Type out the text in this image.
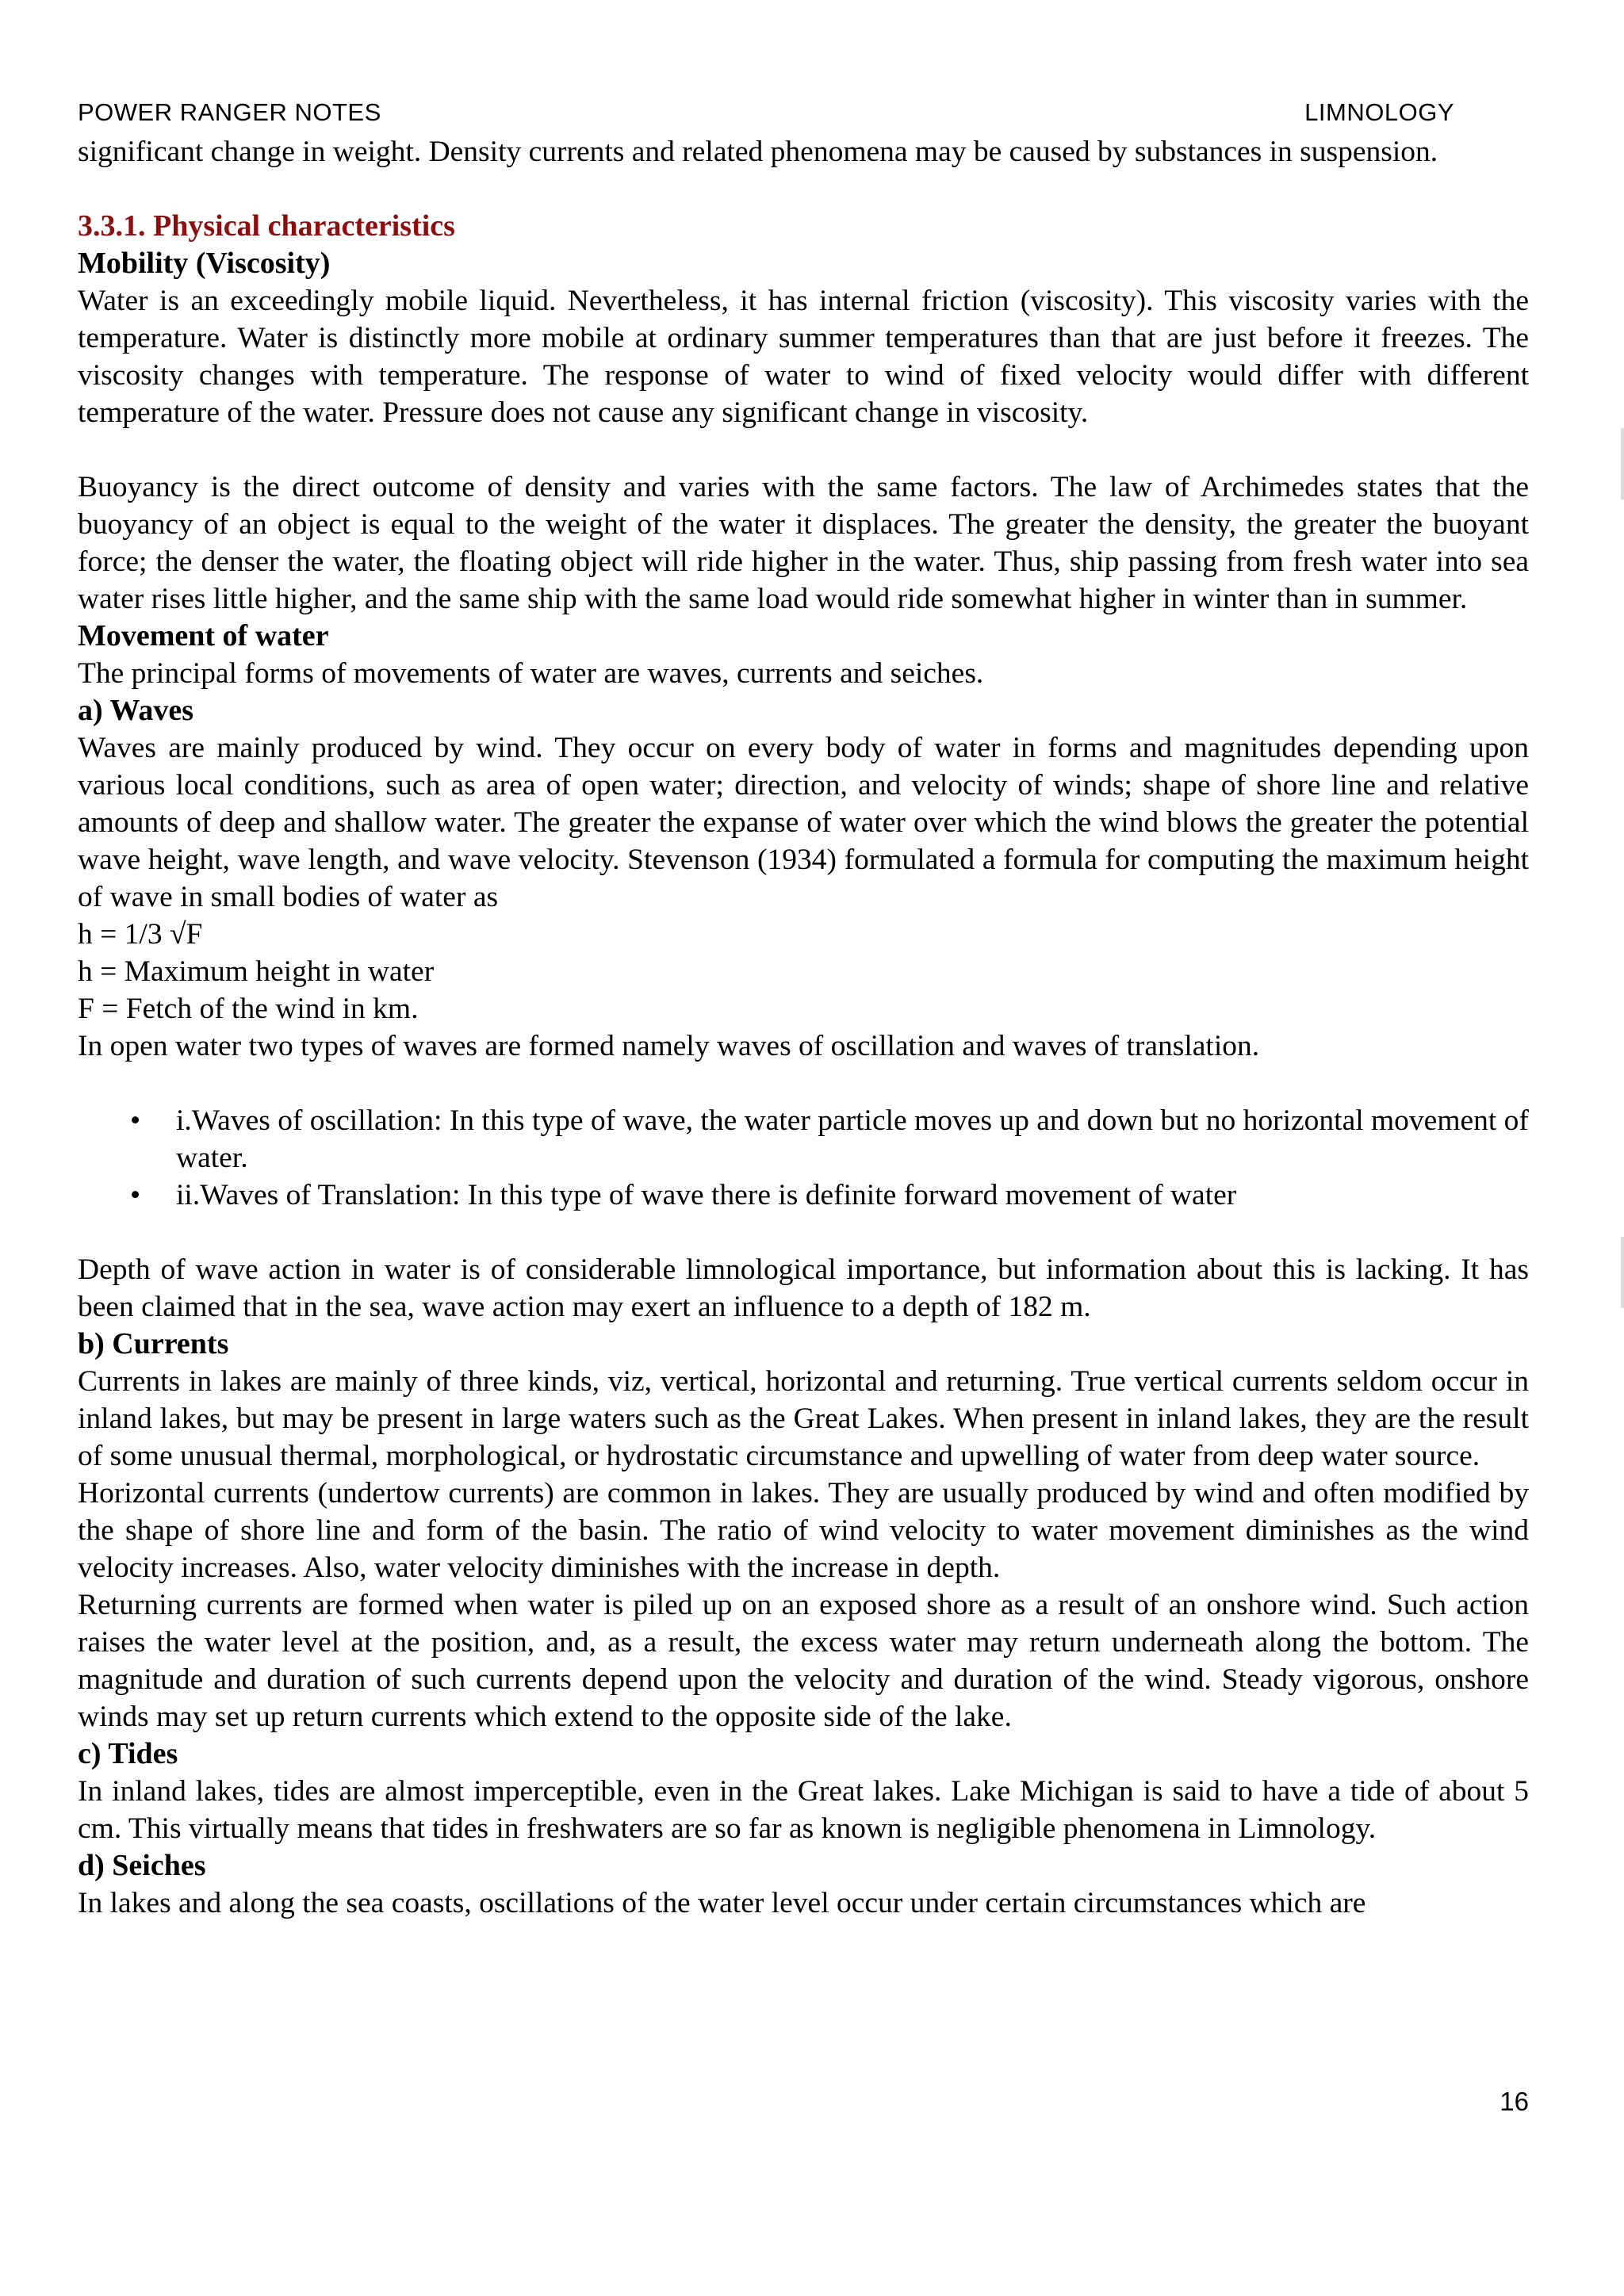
POWER RANGER NOTES	LIMNOLOGY

significant change in weight. Density currents and related phenomena may be caused by substances in suspension.

3.3.1. Physical characteristics
Mobility (Viscosity)

Water is an exceedingly mobile liquid. Nevertheless, it has internal friction (viscosity). This viscosity varies with the temperature. Water is distinctly more mobile at ordinary summer temperatures than that are just before it freezes. The viscosity changes with temperature. The response of water to wind of fixed velocity would differ with different temperature of the water. Pressure does not cause any significant change in viscosity.

Buoyancy is the direct outcome of density and varies with the same factors. The law of Archimedes states that the buoyancy of an object is equal to the weight of the water it displaces. The greater the density, the greater the buoyant force; the denser the water, the floating object will ride higher in the water. Thus, ship passing from fresh water into sea water rises little higher, and the same ship with the same load would ride somewhat higher in winter than in summer.

Movement of water

The principal forms of movements of water are waves, currents and seiches.

a) Waves

Waves are mainly produced by wind. They occur on every body of water in forms and magnitudes depending upon various local conditions, such as area of open water; direction, and velocity of winds; shape of shore line and relative amounts of deep and shallow water. The greater the expanse of water over which the wind blows the greater the potential wave height, wave length, and wave velocity. Stevenson (1934) formulated a formula for computing the maximum height of wave in small bodies of water as

h = 1/3 √F

h = Maximum height in water

F = Fetch of the wind in km.

In open water two types of waves are formed namely waves of oscillation and waves of translation.

• i.Waves of oscillation: In this type of wave, the water particle moves up and down but no horizontal movement of water.
• ii.Waves of Translation: In this type of wave there is definite forward movement of water

Depth of wave action in water is of considerable limnological importance, but information about this is lacking. It has been claimed that in the sea, wave action may exert an influence to a depth of 182 m.

b) Currents

Currents in lakes are mainly of three kinds, viz, vertical, horizontal and returning. True vertical currents seldom occur in inland lakes, but may be present in large waters such as the Great Lakes. When present in inland lakes, they are the result of some unusual thermal, morphological, or hydrostatic circumstance and upwelling of water from deep water source.

Horizontal currents (undertow currents) are common in lakes. They are usually produced by wind and often modified by the shape of shore line and form of the basin. The ratio of wind velocity to water movement diminishes as the wind velocity increases. Also, water velocity diminishes with the increase in depth.

Returning currents are formed when water is piled up on an exposed shore as a result of an onshore wind. Such action raises the water level at the position, and, as a result, the excess water may return underneath along the bottom. The magnitude and duration of such currents depend upon the velocity and duration of the wind. Steady vigorous, onshore winds may set up return currents which extend to the opposite side of the lake.

c) Tides

In inland lakes, tides are almost imperceptible, even in the Great lakes. Lake Michigan is said to have a tide of about 5 cm. This virtually means that tides in freshwaters are so far as known is negligible phenomena in Limnology.

d) Seiches

In lakes and along the sea coasts, oscillations of the water level occur under certain circumstances which are

16
